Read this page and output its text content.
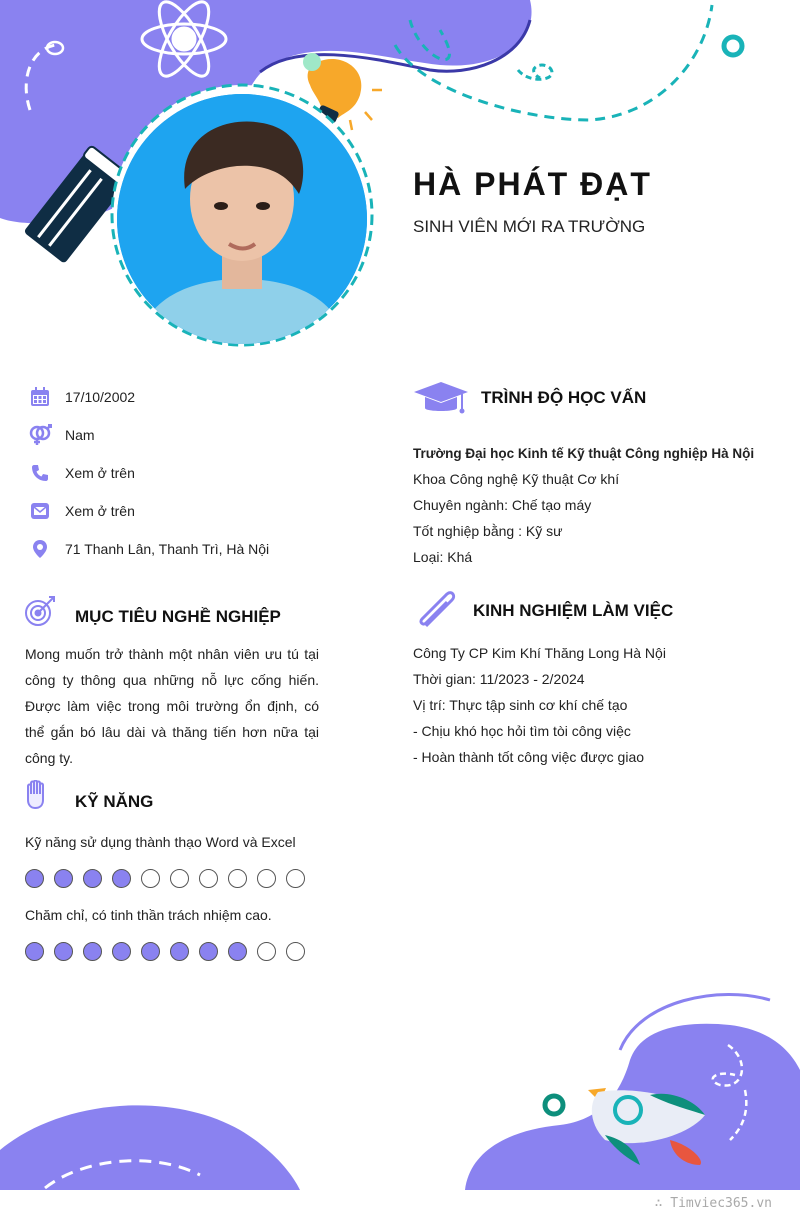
HÀ PHÁT ĐẠT
SINH VIÊN MỚI RA TRƯỜNG
17/10/2002
Nam
Xem ở trên
Xem ở trên
71 Thanh Lân, Thanh Trì, Hà Nội
MỤC TIÊU NGHỀ NGHIỆP
Mong muốn trở thành một nhân viên ưu tú tại công ty thông qua những nỗ lực cống hiến. Được làm việc trong môi trường ổn định, có thể gắn bó lâu dài và thăng tiến hơn nữa tại công ty.
KỸ NĂNG
Kỹ năng sử dụng thành thạo Word và Excel
Chăm chỉ, có tinh thần trách nhiệm cao.
TRÌNH ĐỘ HỌC VẤN
Trường Đại học Kinh tế Kỹ thuật Công nghiệp Hà Nội
Khoa Công nghệ Kỹ thuật Cơ khí
Chuyên ngành: Chế tạo máy
Tốt nghiệp bằng : Kỹ sư
Loại: Khá
KINH NGHIỆM LÀM VIỆC
Công Ty CP Kim Khí Thăng Long Hà Nội
Thời gian: 11/2023 - 2/2024
Vị trí: Thực tập sinh cơ khí chế tạo
- Chịu khó học hỏi tìm tòi công việc
- Hoàn thành tốt công việc được giao
∴ Timviec365.vn
